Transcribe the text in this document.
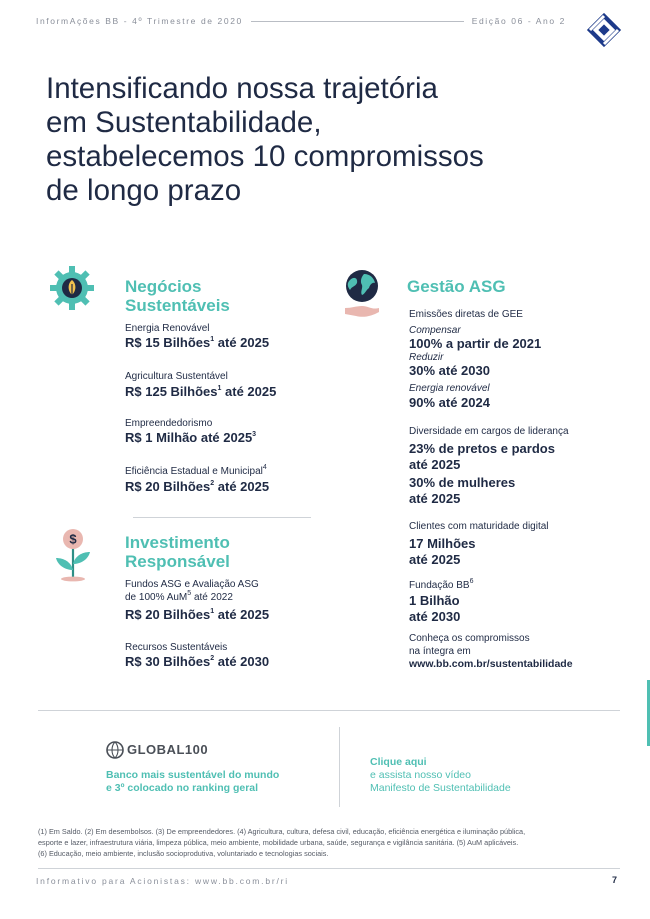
InformAções BB - 4º Trimestre de 2020	Edição 06 - Ano 2
Intensificando nossa trajetória
em Sustentabilidade,
estabelecemos 10 compromissos
de longo prazo
Negócios
Sustentáveis
Energia Renovável
R$ 15 Bilhões$^1$ até 2025
Agricultura Sustentável
R$ 125 Bilhões$^1$ até 2025
Empreendedorismo
R$ 1 Milhão até 2025$^3$
Eficiência Estadual e Municipal$^4$
R$ 20 Bilhões$^2$ até 2025
$	Investimento
Responsável
Fundos ASG e Avaliação ASG
de 100% AuM$^5$ até 2022
R$ 20 Bilhões$^1$ até 2025
Recursos Sustentáveis
R$ 30 Bilhões$^2$ até 2030
Gestão ASG
Emissões diretas de GEE
Compensar
100% a partir de 2021
Reduzir
30% até 2030
Energia renovável
90% até 2024
Diversidade em cargos de liderança
23% de pretos e pardos
até 2025
30% de mulheres
até 2025
Clientes com maturidade digital
17 Milhões
até 2025
Fundação $BB^6$
1 Bilhão
até 2030
Conheça os compromissos
na íntegra em
www.bb.com.br/sustentabilidade
GLOBAL100
Banco mais sustentável do mundo
e 3º colocado no ranking geral
Clique aqui
e assista nosso vídeo
Manifesto de Sustentabilidade
(1) Em Saldo. (2) Em desembolsos. (3) De empreendedores. (4) Agricultura, cultura, defesa civil, educação, eficiência energética e iluminação pública,
esporte e lazer, infraestrutura viária, limpeza pública, meio ambiente, mobilidade urbana, saúde, segurança e vigilância sanitária. (5) AuM aplicáveis.
(6) Educação, meio ambiente, inclusão socioprodutiva, voluntariado e tecnologias sociais.
Informativo para Acionistas: www.bb.com.br/ri	7
